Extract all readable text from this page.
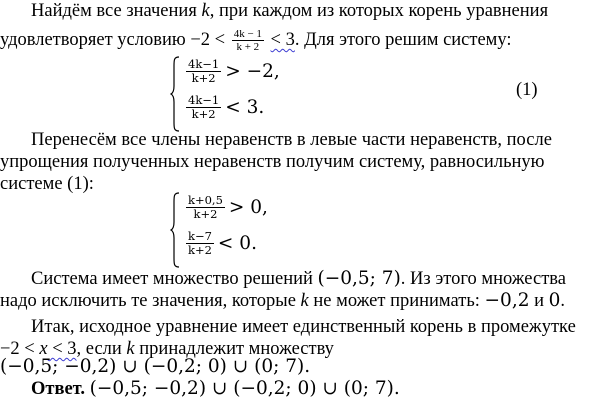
Найдём все значения k, при каждом из которых корень уравнения
удовлетворяет условию $-2 < \frac{4k - 1}{k + 2} < 3$. Для этого решим систему:
$\frac{4k-1}{k+2} > -2$,
$\frac{4k-1}{k+2} < 3$.
(1)
Перенесём все члены неравенств в левые части неравенств, после
упрощения полученных неравенств получим систему, равносильную
системе (1):
$\frac{k+0,5}{k+2} > 0$,
$\frac{k-7}{k+2} < 0$.
Система имеет множество решений (−0,5; 7). Из этого множества
надо исключить те значения, которые k не может принимать: −0,2 и 0.
Итак, исходное уравнение имеет единственный корень в промежутке
−2 < x < 3, если k принадлежит множеству
(−0,5; −0,2) ∪ (−0,2; 0) ∪ (0; 7).
Ответ. (−0,5; −0,2) ∪ (−0,2; 0) ∪ (0; 7).
